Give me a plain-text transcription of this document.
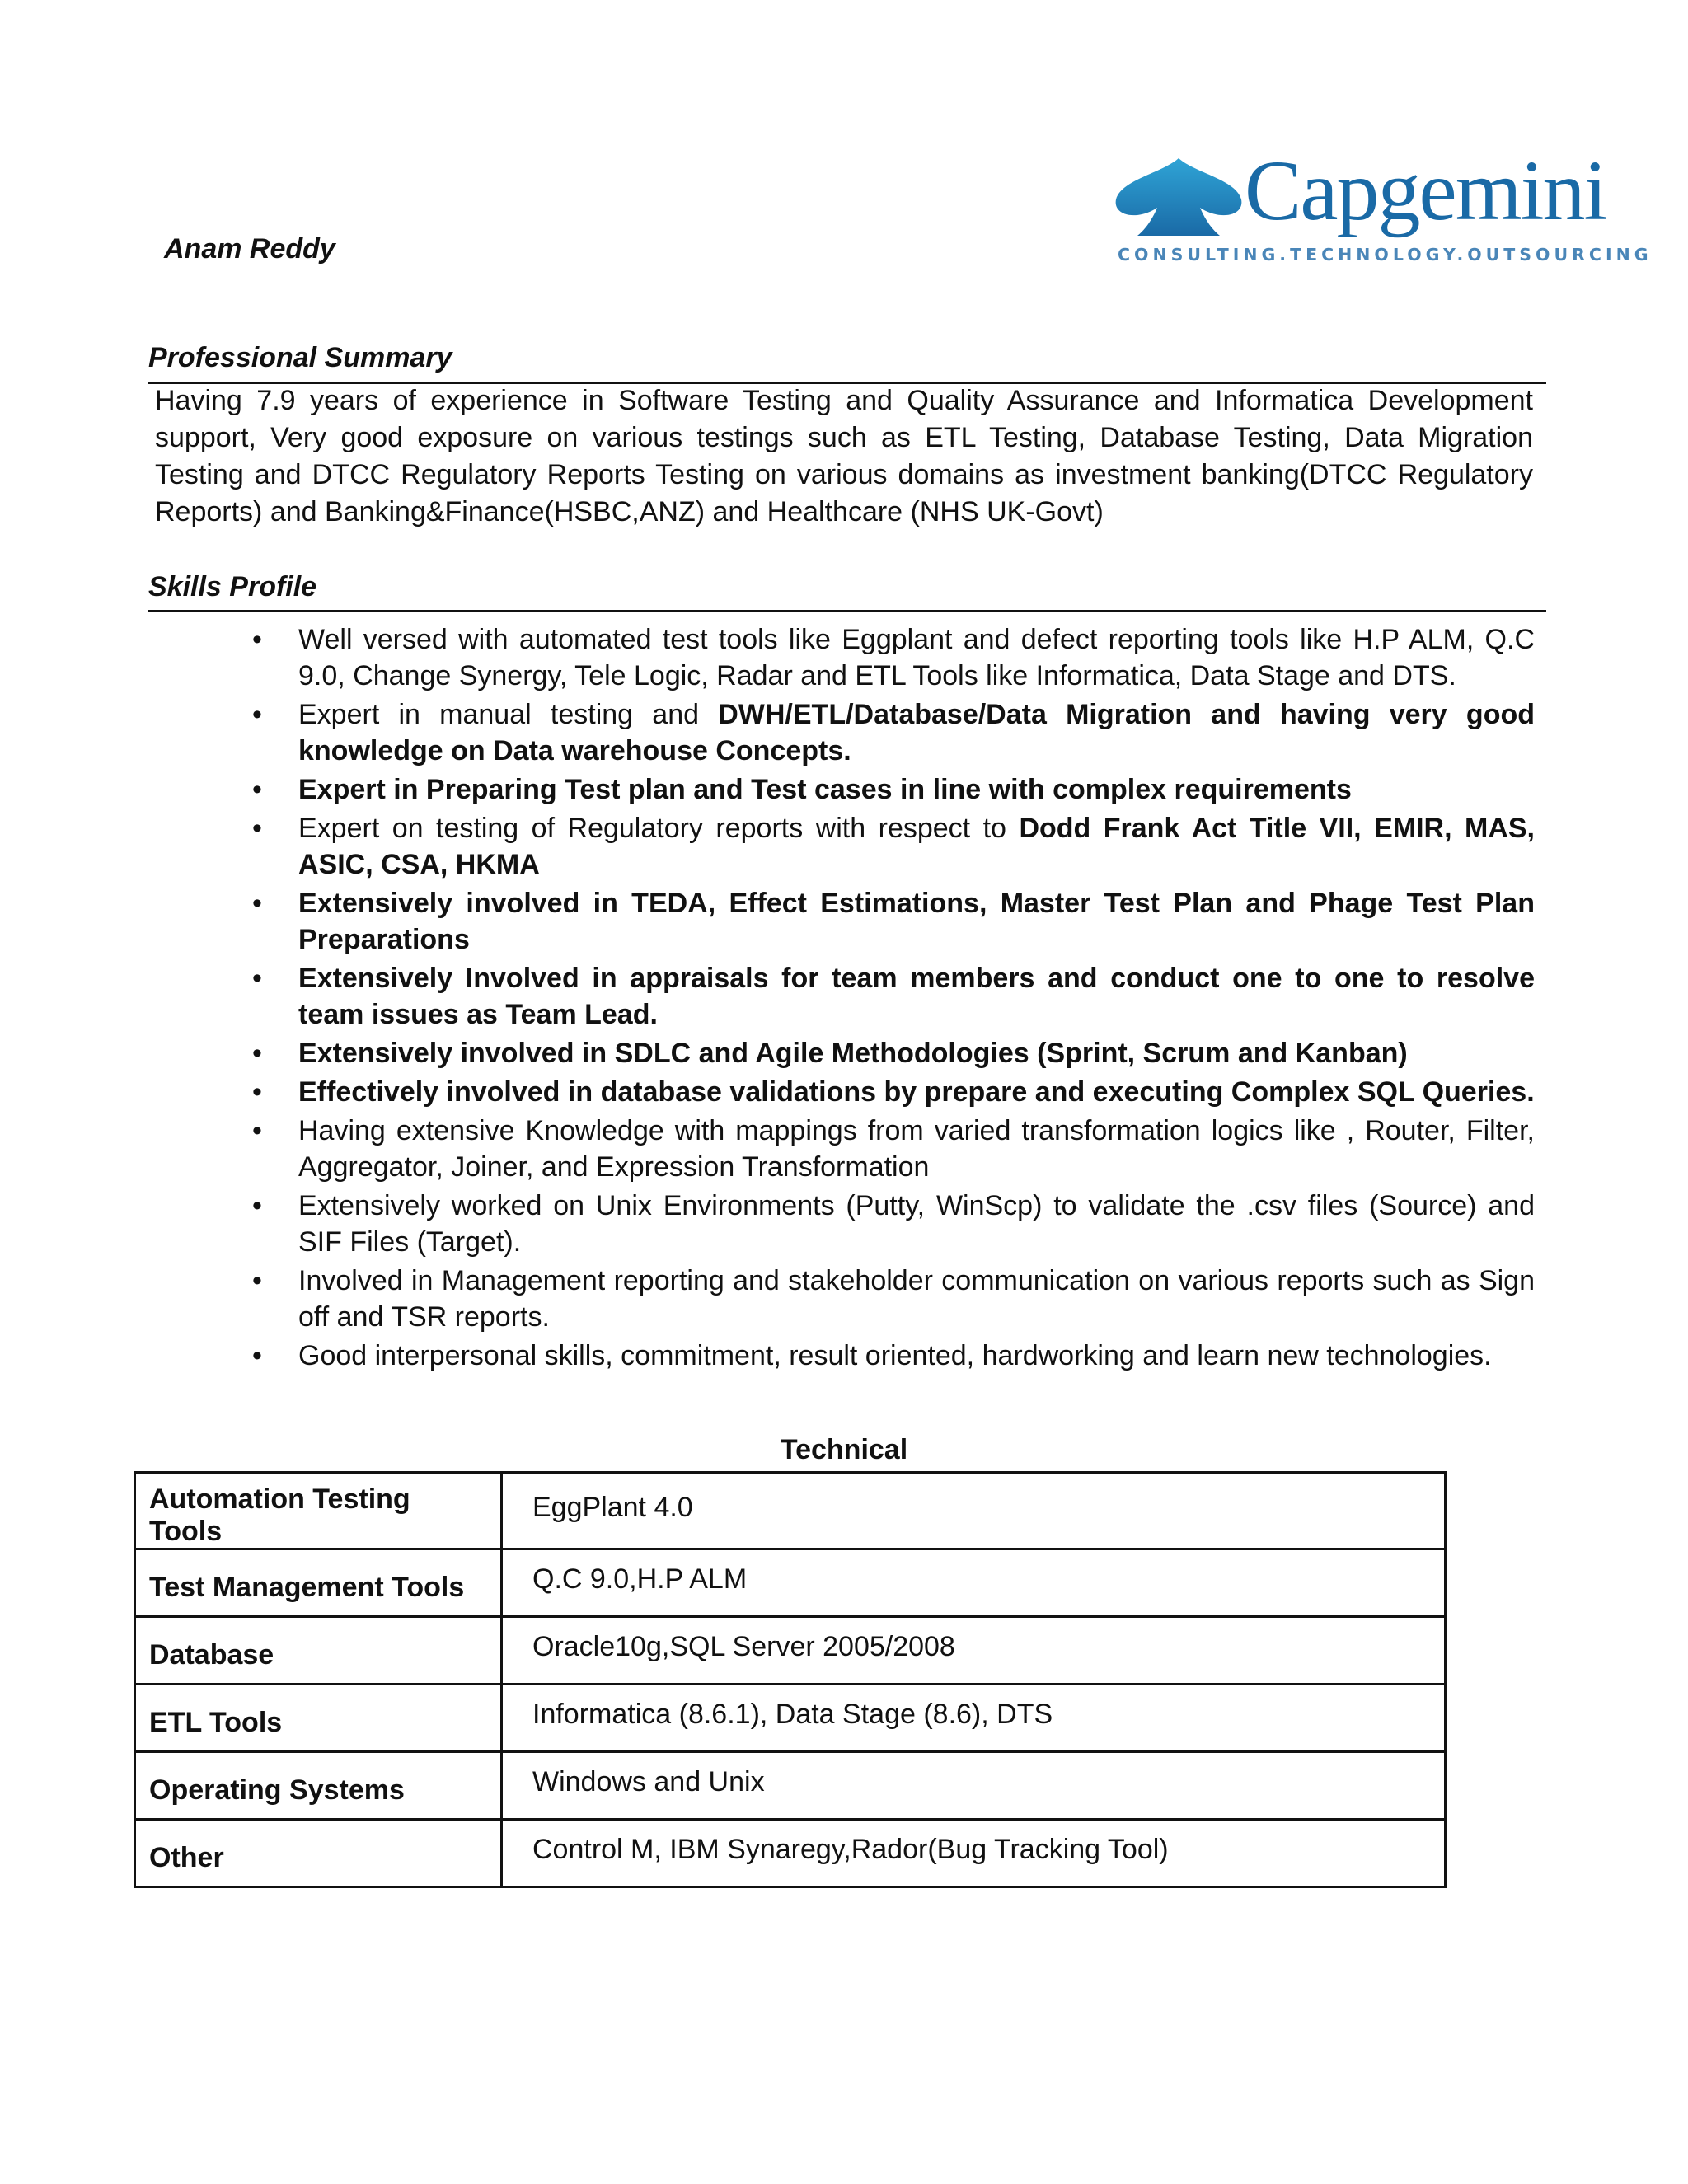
Anam Reddy
Capgemini
CONSULTING.TECHNOLOGY.OUTSOURCING
Professional Summary
Having 7.9 years of experience in Software Testing and Quality Assurance and Informatica Development support, Very good exposure on various testings such as ETL Testing, Database Testing, Data Migration Testing and DTCC Regulatory Reports Testing on various domains as investment banking(DTCC Regulatory Reports) and Banking&Finance(HSBC,ANZ) and Healthcare (NHS UK-Govt)
Skills Profile
• Well versed with automated test tools like Eggplant and defect reporting tools like H.P ALM, Q.C 9.0, Change Synergy, Tele Logic, Radar and ETL Tools like Informatica, Data Stage and DTS.
• Expert in manual testing and DWH/ETL/Database/Data Migration and having very good knowledge on Data warehouse Concepts.
• Expert in Preparing Test plan and Test cases in line with complex requirements
• Expert on testing of Regulatory reports with respect to Dodd Frank Act Title VII, EMIR, MAS, ASIC, CSA, HKMA
• Extensively involved in TEDA, Effect Estimations, Master Test Plan and Phage Test Plan Preparations
• Extensively Involved in appraisals for team members and conduct one to one to resolve team issues as Team Lead.
• Extensively involved in SDLC and Agile Methodologies (Sprint, Scrum and Kanban)
• Effectively involved in database validations by prepare and executing Complex SQL Queries.
• Having extensive Knowledge with mappings from varied transformation logics like , Router, Filter, Aggregator, Joiner, and Expression Transformation
• Extensively worked on Unix Environments (Putty, WinScp) to validate the .csv files (Source) and SIF Files (Target).
• Involved in Management reporting and stakeholder communication on various reports such as Sign off and TSR reports.
• Good interpersonal skills, commitment, result oriented, hardworking and learn new technologies.
Technical
Automation Testing Tools	EggPlant 4.0
Test Management Tools	Q.C 9.0,H.P ALM
Database	Oracle10g,SQL Server 2005/2008
ETL Tools	Informatica (8.6.1), Data Stage (8.6), DTS
Operating Systems	Windows and Unix
Other	Control M, IBM Synaregy,Rador(Bug Tracking Tool)
